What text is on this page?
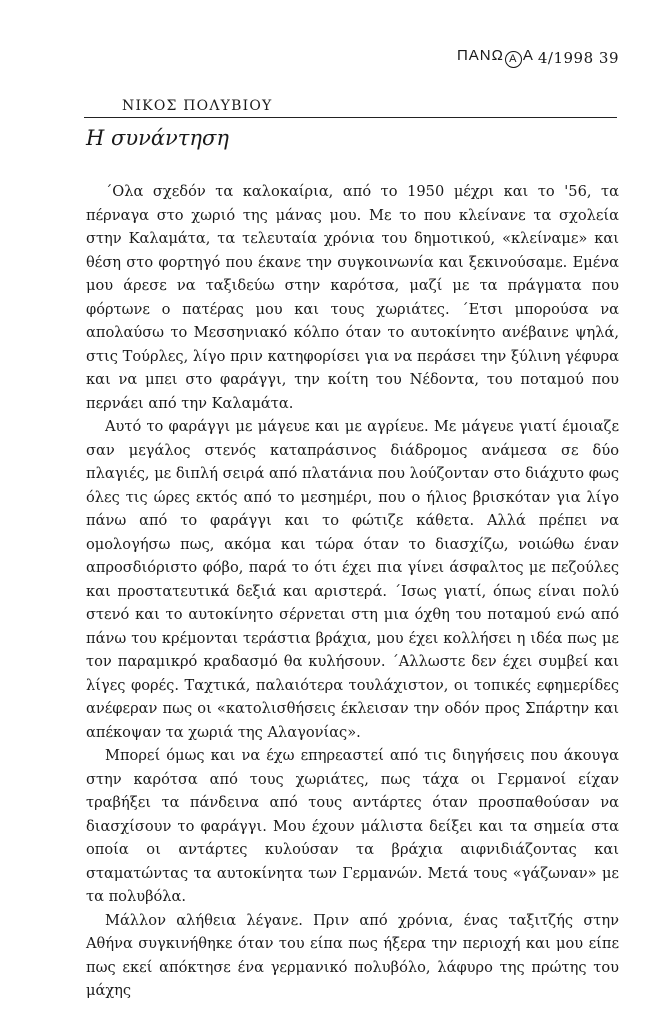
ΠΑΝΩ Α Α 4/1998 39
ΝΙΚΟΣ ΠΟΛΥΒΙΟΥ
Η συνάντηση

΄Ολα σχεδόν τα καλοκαίρια, από το 1950 μέχρι και το '56, τα πέρναγα στο χωριό της μάνας μου. Με το που κλείνανε τα σχολεία στην Καλαμάτα, τα τελευταία χρόνια του δημοτικού, «κλείναμε» και θέση στο φορτηγό που έκανε την συγκοινωνία και ξεκινούσαμε. Εμένα μου άρεσε να ταξιδεύω στην καρότσα, μαζί με τα πράγματα που φόρτωνε ο πατέρας μου και τους χωριάτες. ΄Ετσι μπορούσα να απολαύσω το Μεσσηνιακό κόλπο όταν το αυτοκίνητο ανέβαινε ψηλά, στις Τούρλες, λίγο πριν κατηφορίσει για να περάσει την ξύλινη γέφυρα και να μπει στο φαράγγι, την κοίτη του Νέδοντα, του ποταμού που περνάει από την Καλαμάτα.

Αυτό το φαράγγι με μάγευε και με αγρίευε. Με μάγευε γιατί έμοιαζε σαν μεγάλος στενός καταπράσινος διάδρομος ανάμεσα σε δύο πλαγιές, με διπλή σειρά από πλατάνια που λούζονταν στο διάχυτο φως όλες τις ώρες εκτός από το μεσημέρι, που ο ήλιος βρισκόταν για λίγο πάνω από το φαράγγι και το φώτιζε κάθετα. Αλλά πρέπει να ομολογήσω πως, ακόμα και τώρα όταν το διασχίζω, νοιώθω έναν απροσδιόριστο φόβο, παρά το ότι έχει πια γίνει άσφαλτος με πεζούλες και προστατευτικά δεξιά και αριστερά. ΄Ισως γιατί, όπως είναι πολύ στενό και το αυτοκίνητο σέρνεται στη μια όχθη του ποταμού ενώ από πάνω του κρέμονται τεράστια βράχια, μου έχει κολλήσει η ιδέα πως με τον παραμικρό κραδασμό θα κυλήσουν. ΄Αλλωστε δεν έχει συμβεί και λίγες φορές. Ταχτικά, παλαιότερα τουλάχιστον, οι τοπικές εφημερίδες ανέφεραν πως οι «κατολισθήσεις έκλεισαν την οδόν προς Σπάρτην και απέκοψαν τα χωριά της Αλαγονίας».

Μπορεί όμως και να έχω επηρεαστεί από τις διηγήσεις που άκουγα στην καρότσα από τους χωριάτες, πως τάχα οι Γερμανοί είχαν τραβήξει τα πάνδεινα από τους αντάρτες όταν προσπαθούσαν να διασχίσουν το φαράγγι. Μου έχουν μάλιστα δείξει και τα σημεία στα οποία οι αντάρτες κυλούσαν τα βράχια αιφνιδιάζοντας και σταματώντας τα αυτοκίνητα των Γερμανών. Μετά τους «γάζωναν» με τα πολυβόλα.

Μάλλον αλήθεια λέγανε. Πριν από χρόνια, ένας ταξιτζής στην Αθήνα συγκινήθηκε όταν του είπα πως ήξερα την περιοχή και μου είπε πως εκεί απόκτησε ένα γερμανικό πολυβόλο, λάφυρο της πρώτης του μάχης
